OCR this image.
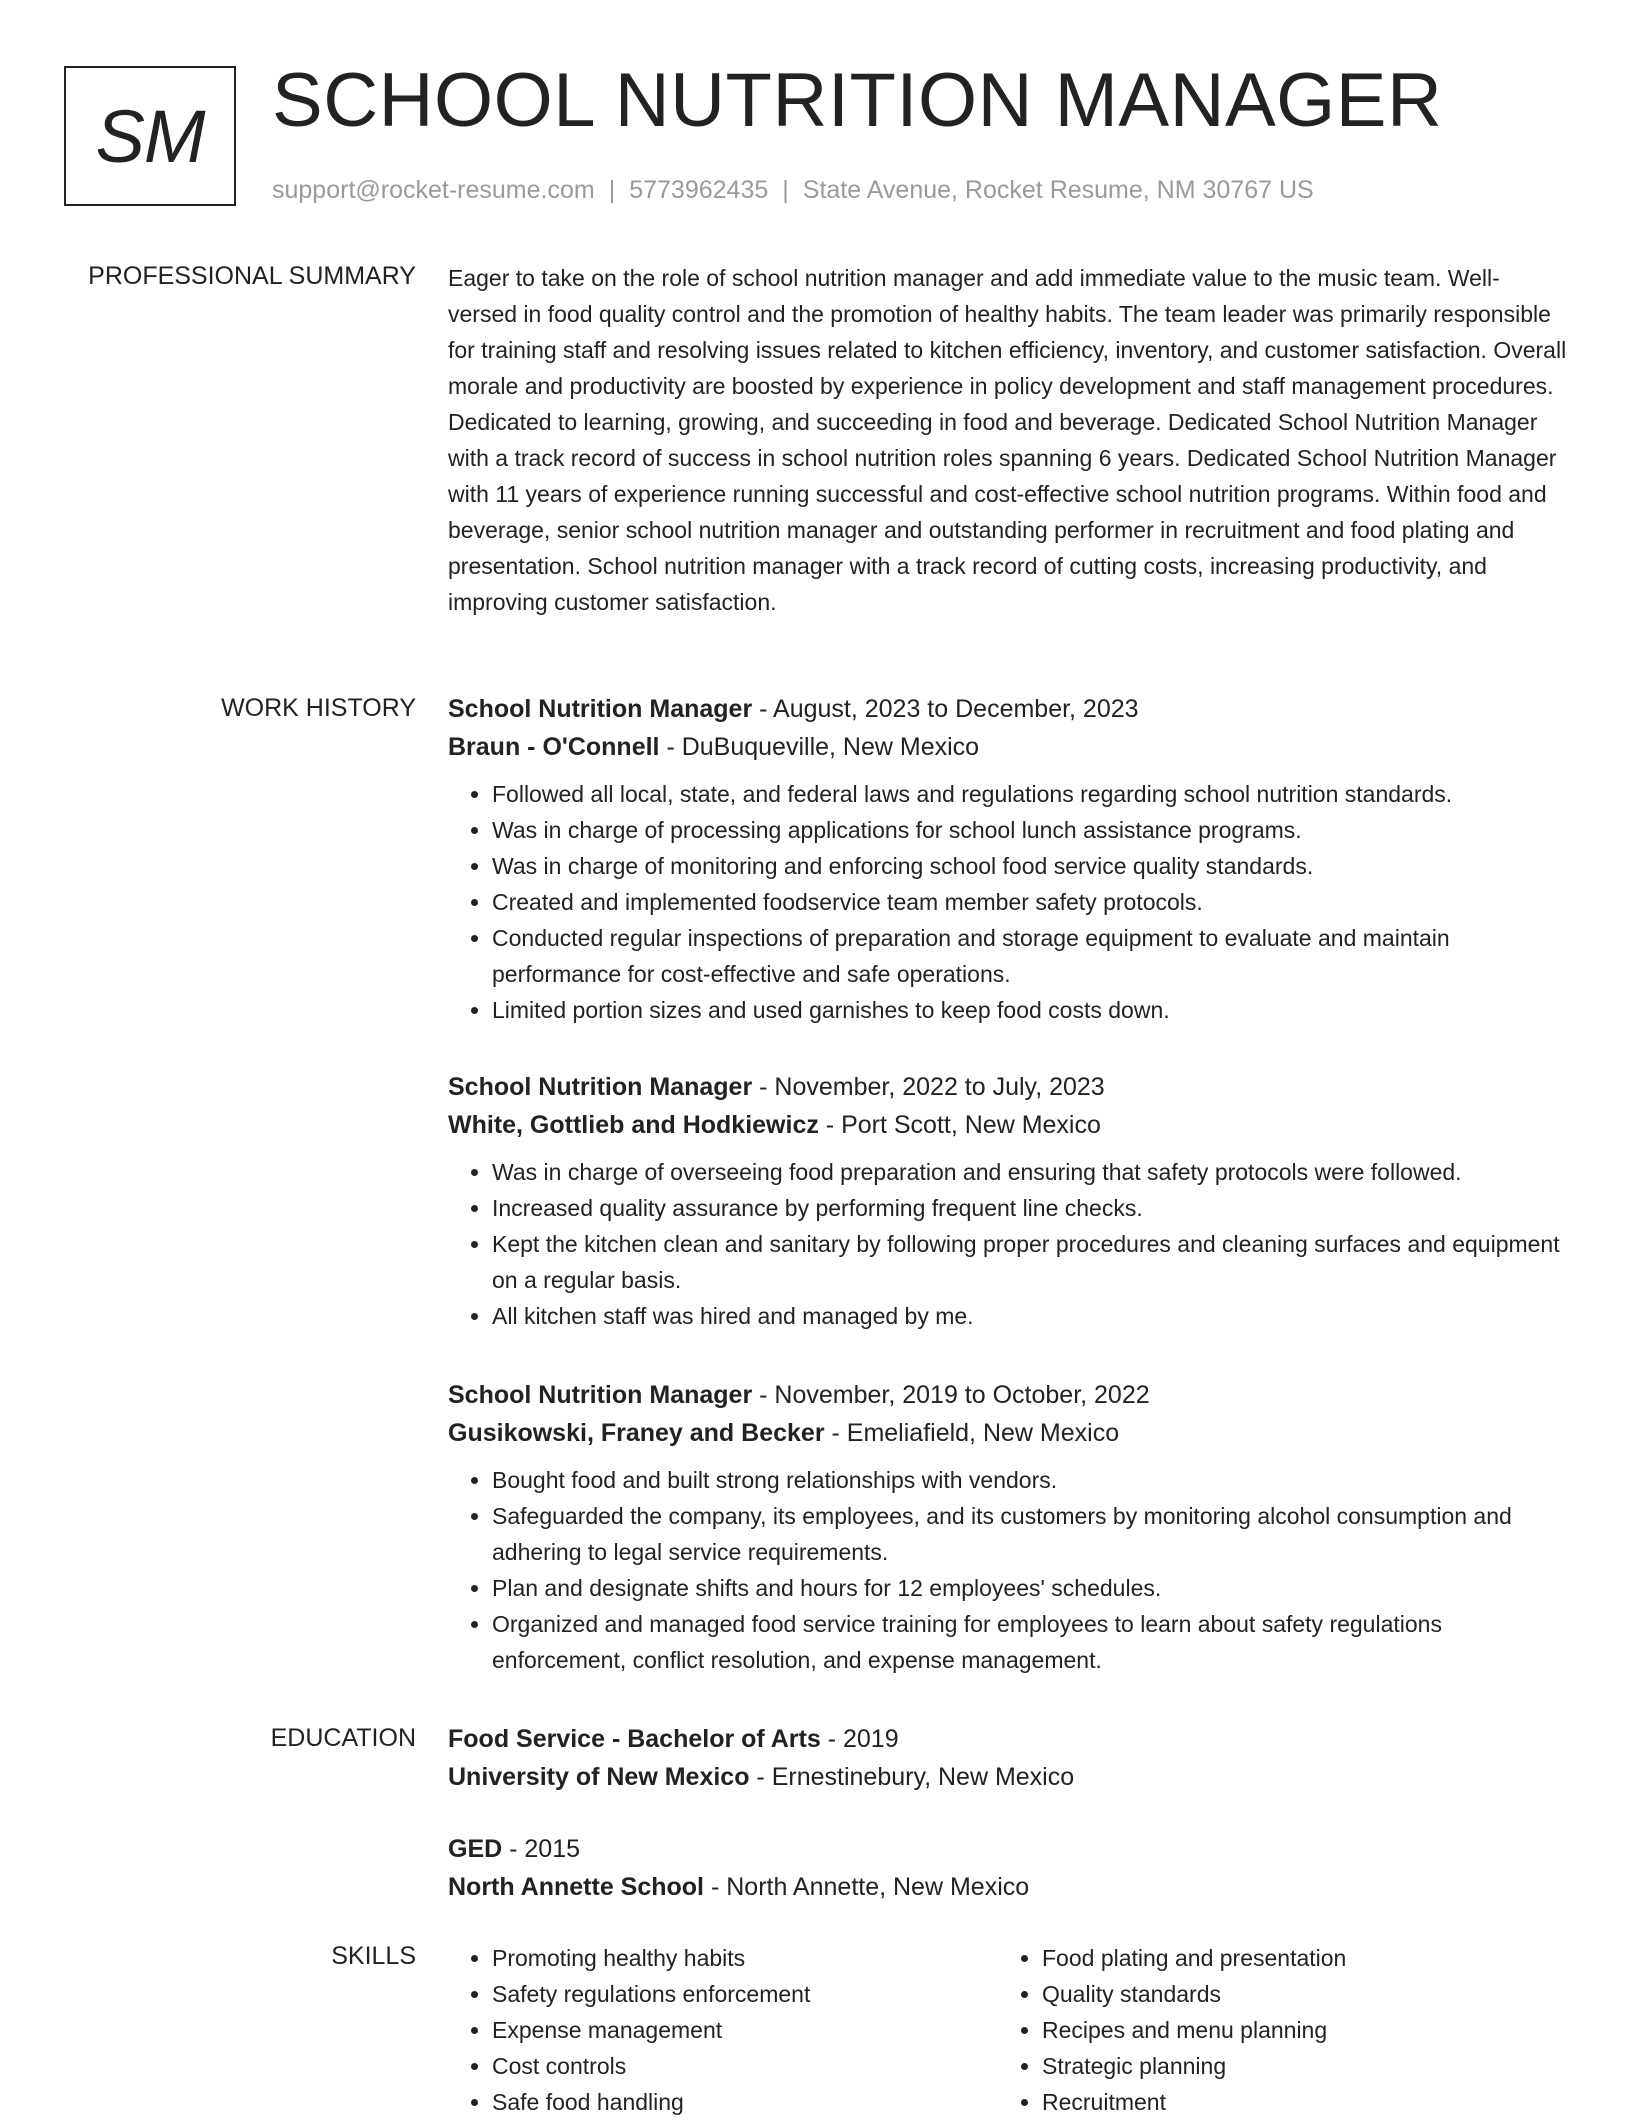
SM SCHOOL NUTRITION MANAGER
support@rocket-resume.com | 5773962435 | State Avenue, Rocket Resume, NM 30767 US
PROFESSIONAL SUMMARY Eager to take on the role of school nutrition manager and add immediate value to the music team. Well-versed in food quality control and the promotion of healthy habits. The team leader was primarily responsible for training staff and resolving issues related to kitchen efficiency, inventory, and customer satisfaction. Overall morale and productivity are boosted by experience in policy development and staff management procedures. Dedicated to learning, growing, and succeeding in food and beverage. Dedicated School Nutrition Manager with a track record of success in school nutrition roles spanning 6 years. Dedicated School Nutrition Manager with 11 years of experience running successful and cost-effective school nutrition programs. Within food and beverage, senior school nutrition manager and outstanding performer in recruitment and food plating and presentation. School nutrition manager with a track record of cutting costs, increasing productivity, and improving customer satisfaction.

WORK HISTORY School Nutrition Manager - August, 2023 to December, 2023
Braun - O'Connell - DuBuqueville, New Mexico
• Followed all local, state, and federal laws and regulations regarding school nutrition standards.
• Was in charge of processing applications for school lunch assistance programs.
• Was in charge of monitoring and enforcing school food service quality standards.
• Created and implemented foodservice team member safety protocols.
• Conducted regular inspections of preparation and storage equipment to evaluate and maintain performance for cost-effective and safe operations.
• Limited portion sizes and used garnishes to keep food costs down.
School Nutrition Manager - November, 2022 to July, 2023
White, Gottlieb and Hodkiewicz - Port Scott, New Mexico
• Was in charge of overseeing food preparation and ensuring that safety protocols were followed.
• Increased quality assurance by performing frequent line checks.
• Kept the kitchen clean and sanitary by following proper procedures and cleaning surfaces and equipment on a regular basis.
• All kitchen staff was hired and managed by me.
School Nutrition Manager - November, 2019 to October, 2022
Gusikowski, Franey and Becker - Emeliafield, New Mexico
• Bought food and built strong relationships with vendors.
• Safeguarded the company, its employees, and its customers by monitoring alcohol consumption and adhering to legal service requirements.
• Plan and designate shifts and hours for 12 employees' schedules.
• Organized and managed food service training for employees to learn about safety regulations enforcement, conflict resolution, and expense management.
EDUCATION Food Service - Bachelor of Arts - 2019
University of New Mexico - Ernestinebury, New Mexico
GED - 2015
North Annette School - North Annette, New Mexico
SKILLS
•	Promoting healthy habits
• Safety regulations enforcement
• Expense management
• Cost controls
• Safe food handling
• Food plating and presentation
• Quality standards
• Recipes and menu planning
• Strategic planning
• Recruitment
